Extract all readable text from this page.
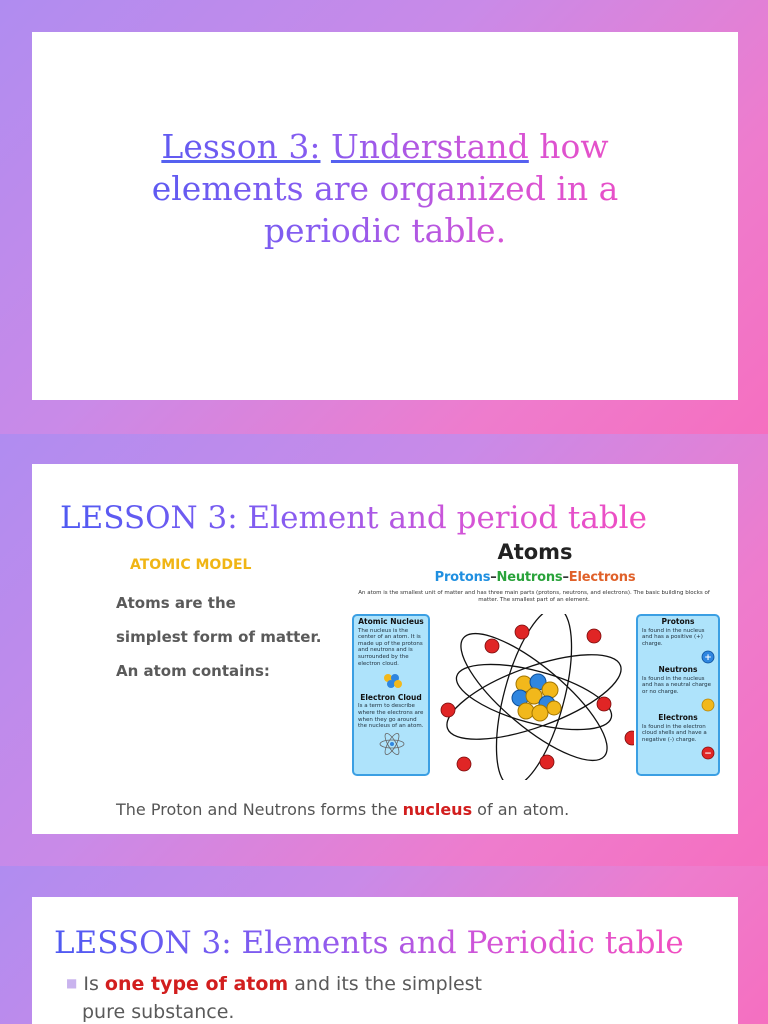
Lesson 3: Understand how
elements are organized in a
periodic table.
LESSON 3: Element and period table
ATOMIC MODEL
Atoms are the
simplest form of matter.
An atom contains:
Atoms
Protons–Neutrons–Electrons
An atom is the smallest unit of matter and has three main parts (protons, neutrons, and electrons). The basic building blocks of matter. The smallest part of an element.
Atomic Nucleus

The nucleus is the center of an atom. It is made up of the protons and neutrons and is surrounded by the electron cloud.

Electron Cloud

Is a term to describe where the electrons are when they go around the nucleus of an atom.

Protons

Is found in the nucleus and has a positive (+) charge.

+
Neutrons

Is found in the nucleus and has a neutral charge or no charge.

Electrons

Is found in the electron cloud shells and have a negative (-) charge.

−
The Proton and Neutrons forms the nucleus of an atom.
LESSON 3: Elements and Periodic table
■ Is one type of atom and its the simplest
pure substance.
